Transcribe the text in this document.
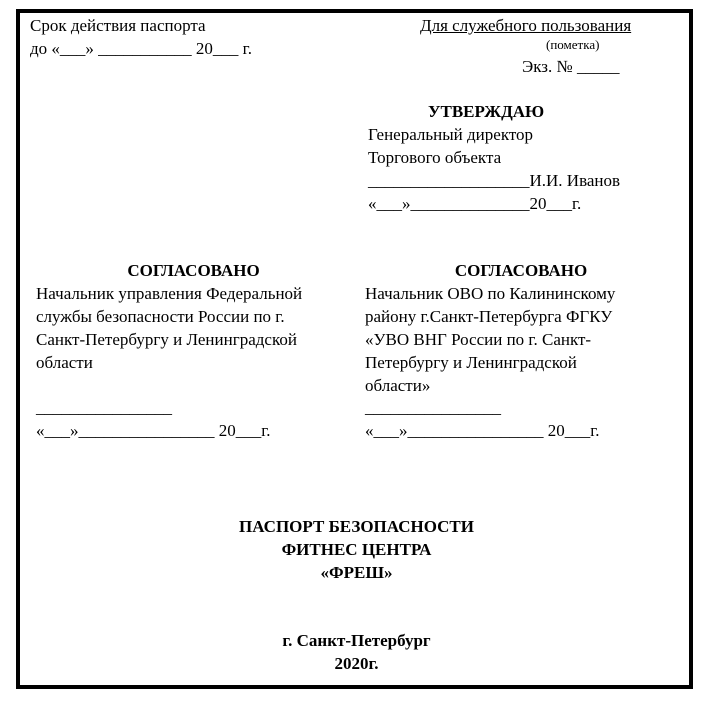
Срок действия паспорта
до «___» ___________ 20___ г.
Для служебного пользования
(пометка)
Экз. № _____
УТВЕРЖДАЮ
Генеральный директор
Торгового объекта
___________________И.И. Иванов
«___»______________20___г.
СОГЛАСОВАНО
Начальник управления Федеральной
службы безопасности России по г.
Санкт-Петербургу и Ленинградской
области
________________
«___»________________ 20___г.
СОГЛАСОВАНО
Начальник ОВО по Калининскому
району г.Санкт-Петербурга ФГКУ
«УВО ВНГ России по г. Санкт-
Петербургу и Ленинградской
области»
________________
«___»________________ 20___г.
ПАСПОРТ БЕЗОПАСНОСТИ
ФИТНЕС ЦЕНТРА
«ФРЕШ»
г. Санкт-Петербург
2020г.
